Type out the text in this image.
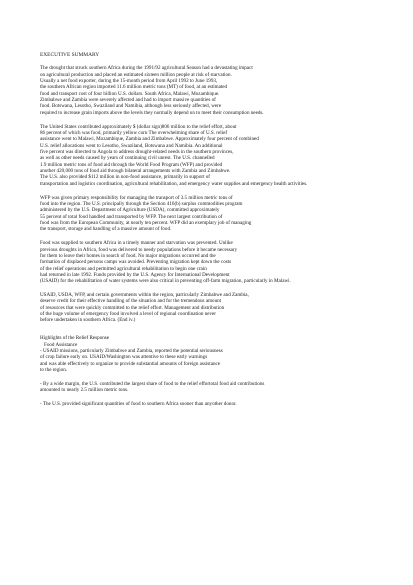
EXECUTIVE SUMMARY
The drought that struck southern Africa during the 1991/92 agricultural Season had a devastating impact
on agricultural production and placed an estimated sixteen million people at risk of starvation.
Usually a net food exporter, during the 15-month period from April 1992 to June 1993,
the southern African region imported 11.6 million metric tons (MT) of food, at an estimated
food and transport cost of four billion U.S. dollars. South Africa, Malawi, Mozambique.
Zimbabwe and Zambia were severely affected and had to import massive quantities of
food. Botswana, Lesotho, Swaziland and Namibia, although less seriously affected, were
required to increase grain imports above the levels they normally depend on to meet their consumption needs.
The United States contributed approximately $ (dollar sign)806 million to the relief effort, about
86 percent of which was food, primarily yellow corn The overwhelming share of U.S. relief
assistance went to Malawi, Mozambique, Zambia and Zimbabwe. Approximately four percent of combined
U.S. relief allocations went to Lesotho, Swaziland, Botswana and Namibia. An additional
five percent was directed to Angola to address drought-related needs in the southern provinces,
as well as other needs caused by years of continuing civil unrest. The U.S. channelled
1.9 million metric tons of food aid through the World Food Program (WFP) and provided
another 420,000 tons of food aid through bilateral arrangements with Zambia and Zimbabwe.
The U.S. also provided $112 million in non-food assistance, primarily in support of
transportation and logistics coordination, agricultural rehabilitation, and emergency water supplies and emergency health activities.
WFP was given primary responsibility for managing the transport of 3.5 million metric tons of
food into the region. The U.S. principally through the Section 416(b) surplus commodities program
administered by the U.S. Department of Agriculture (USDA), committed approximately
55 percent of total food handled and transported by WFP. The next largest contribution of
food was from the European Community, at nearly ten percent. WFP did an exemplary job of managing
the transport, storage and handling of a massive amount of food.
Food was supplied to southern Africa in a timely manner and starvation was prevented. Unlike
previous droughts in Africa, food was delivered to needy populations before it became necessary
for them to leave their homes in search of food. No major migrations occurred and the
formation of displaced persons camps was avoided. Preventing migration kept down the costs
of the relief operations and permitted agricultural rehabilitation to begin one crain
had returned in late 1992. Funds provided by the U.S. Agency for International Development
(USAID) for the rehabilitation of water systems were also critical in preventing off-farm migration, particularly in Malawi.
USAID, USDA, WFP, and certain governments within the region, particularly Zimbabwe and Zambia,
deserve credit for their effective handling of the situation and for the tremendous amount
of resources that were quickly committed to the relief effort. Management and distribution
of the huge volume of emergency food involved a level of regional coordination never
before undertaken in southern Africa. (End iv.)
Highlights of the Relief Response
Food Assistance
- USAID missions, particularly Zimbabwe and Zambia, reported the potential seriousness
of crop failure early on. USAID/Washington was attentive to these early warnings
and was able effectively to organize to provide substantial amounts of foreign assistance
to the region.
- By a wide margin, the U.S. contributed the largest share of food to the relief effortotal food aid contributions
amounted to nearly 2.5 million metric tons.
- The U.S. provided significant quantities of food to southern Africa sooner than anyother donor.
